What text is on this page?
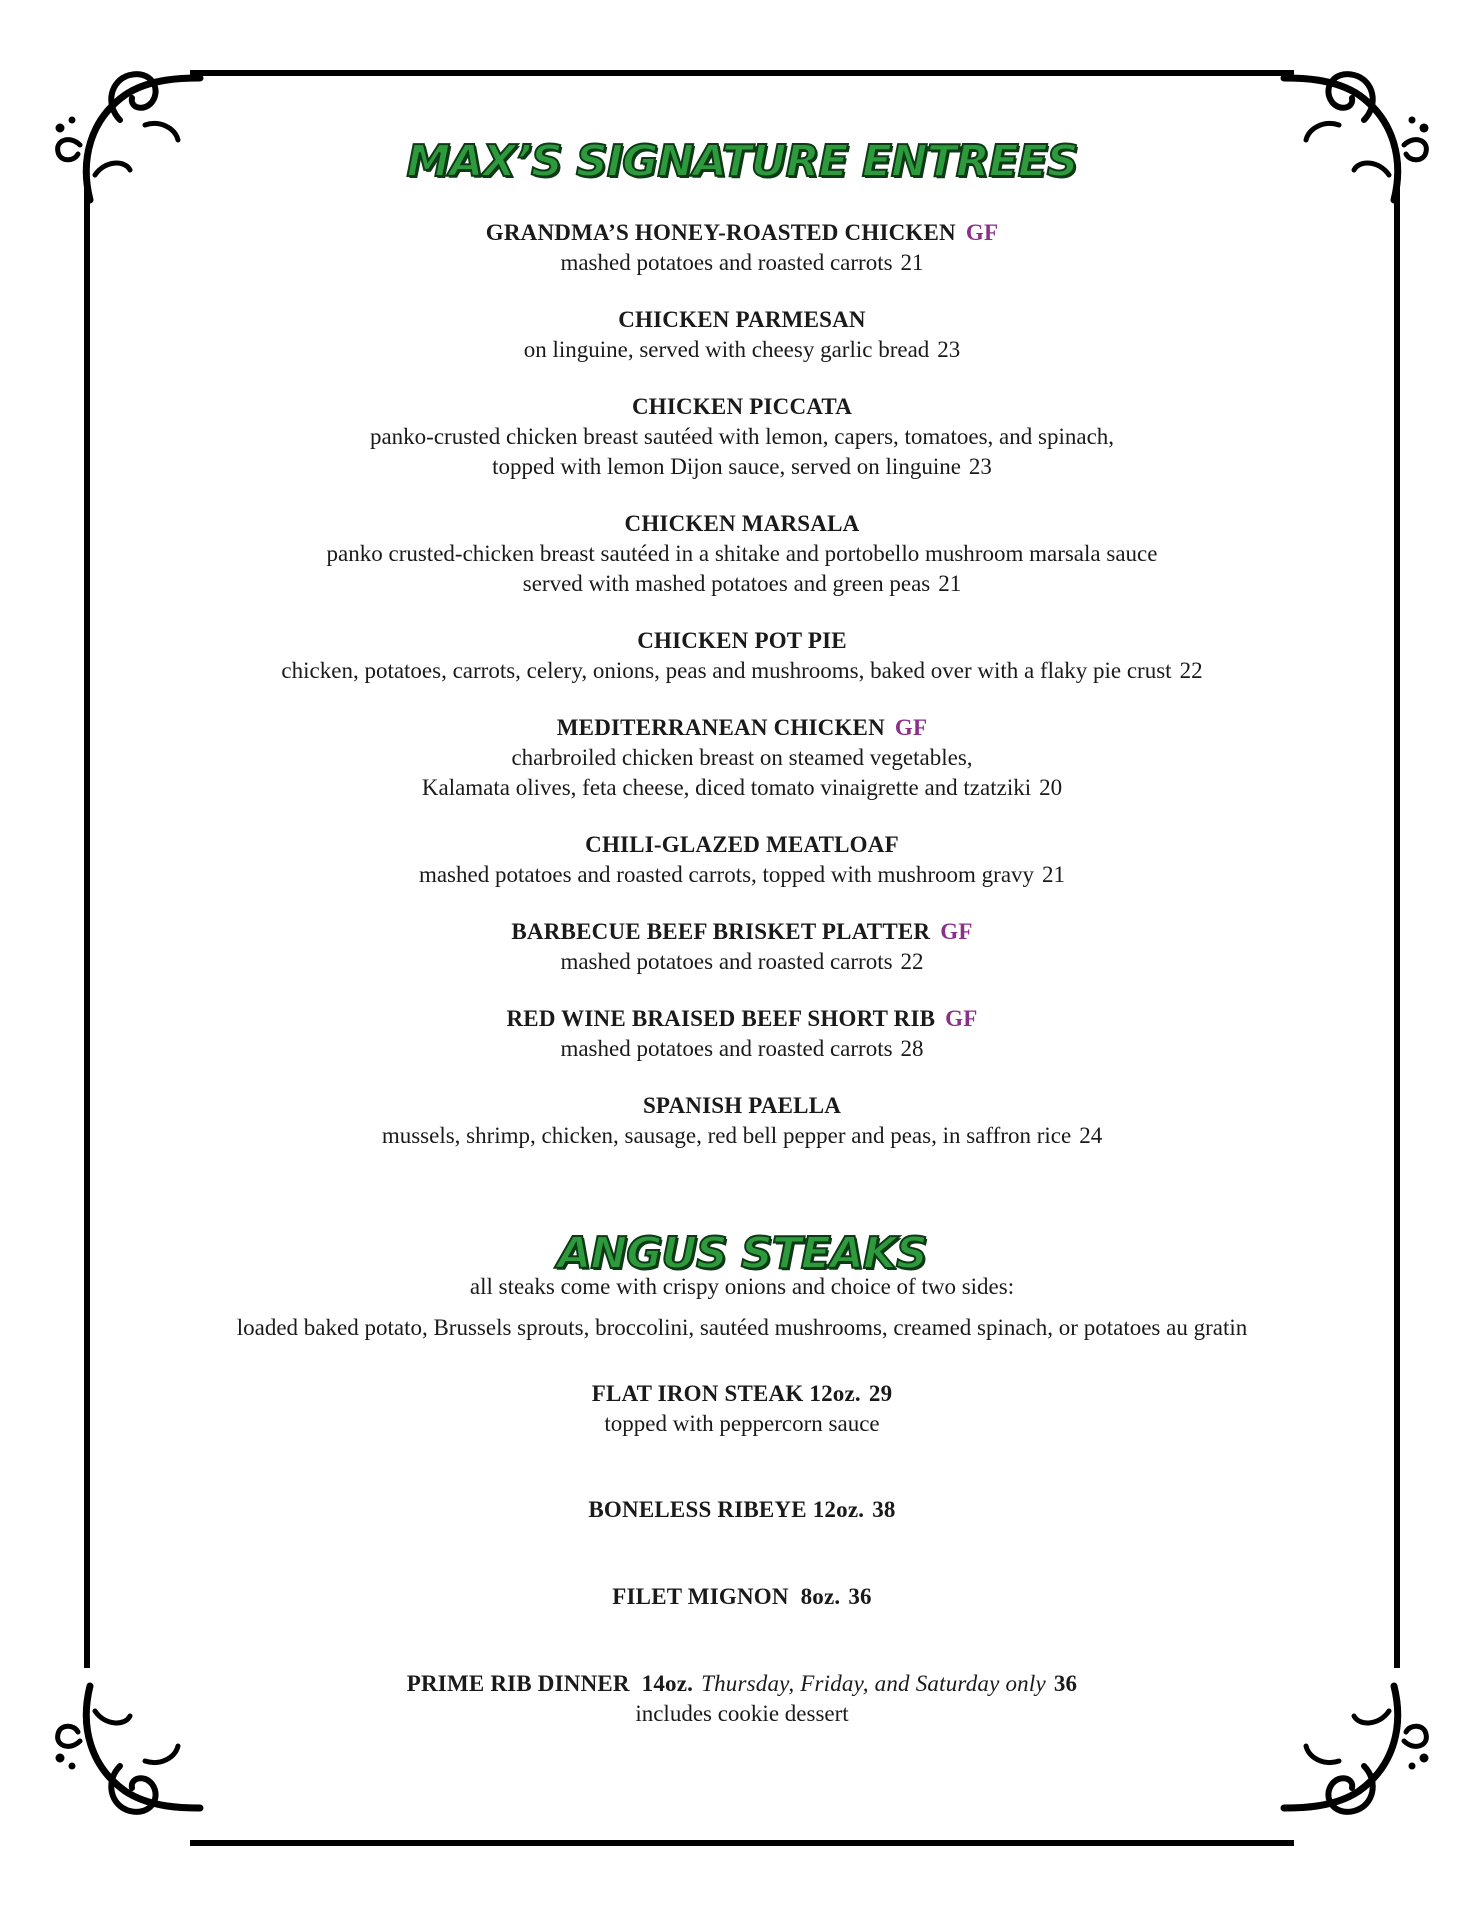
MAX’S SIGNATURE ENTREES
GRANDMA’S HONEY-ROASTED CHICKEN GF
mashed potatoes and roasted carrots 21
CHICKEN PARMESAN
on linguine, served with cheesy garlic bread 23
CHICKEN PICCATA
panko-crusted chicken breast sautéed with lemon, capers, tomatoes, and spinach,
topped with lemon Dijon sauce, served on linguine 23
CHICKEN MARSALA
panko crusted-chicken breast sautéed in a shitake and portobello mushroom marsala sauce
served with mashed potatoes and green peas 21
CHICKEN POT PIE
chicken, potatoes, carrots, celery, onions, peas and mushrooms, baked over with a flaky pie crust 22
MEDITERRANEAN CHICKEN GF
charbroiled chicken breast on steamed vegetables,
Kalamata olives, feta cheese, diced tomato vinaigrette and tzatziki 20
CHILI-GLAZED MEATLOAF
mashed potatoes and roasted carrots, topped with mushroom gravy 21
BARBECUE BEEF BRISKET PLATTER GF
mashed potatoes and roasted carrots 22
RED WINE BRAISED BEEF SHORT RIB GF
mashed potatoes and roasted carrots 28
SPANISH PAELLA
mussels, shrimp, chicken, sausage, red bell pepper and peas, in saffron rice 24
ANGUS STEAKS
all steaks come with crispy onions and choice of two sides:
loaded baked potato, Brussels sprouts, broccolini, sautéed mushrooms, creamed spinach, or potatoes au gratin
FLAT IRON STEAK 12oz. 29
topped with peppercorn sauce
BONELESS RIBEYE 12oz. 38
FILET MIGNON  8oz. 36
PRIME RIB DINNER  14oz. Thursday, Friday, and Saturday only 36
includes cookie dessert
